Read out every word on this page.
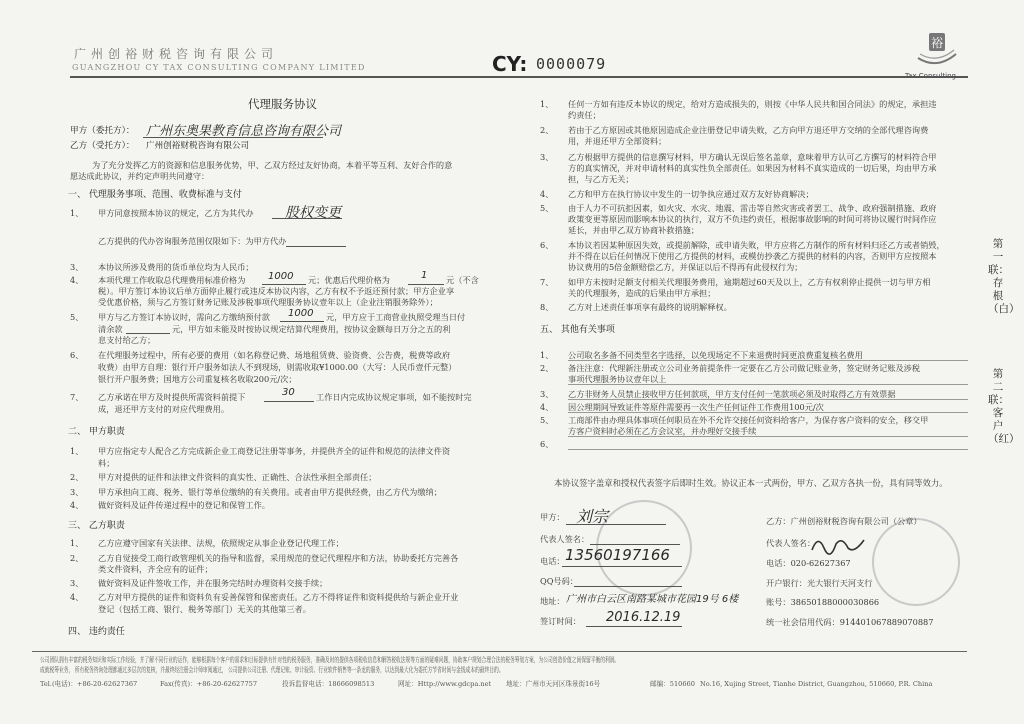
广州创裕财税咨询有限公司
GUANGZHOU CY TAX CONSULTING COMPANY LIMITED	CY: 0000079
裕
代理服务协议
甲方（委托方）： 广州东奥果教育信息咨询有限公司
乙方（受托方）： 广州创裕财税咨询有限公司
为了充分发挥乙方的资源和信息服务优势，甲、乙双方经过友好协商，本着平等互利、友好合作的意
愿达成此协议，并约定声明共同遵守：
一、 代理服务事项、范围、收费标准与支付
1、 甲方同意按照本协议的规定，乙方为其代办 股权变更
乙方提供的代办咨询服务范围仅限如下：为甲方代办
3、 本协议所涉及费用的货币单位均为人民币；
4、 本项代理工作收取总代理费用标准价格为 1000 元；优惠后代理价格为	1 元（不含
税）。甲方签订本协议后单方面停止履行或违反本协议内容，乙方有权不予返还预付款；甲方企业享
受优惠价格，须与乙方签订财务记账及涉税事项代理服务协议壹年以上（企业注销服务除外）；
5、 甲方与乙方签订本协议时，需向乙方缴纳预付款 1000 元，甲方应于工商营业执照受理当日付
清余款	元，甲方如未能及时按协议规定结算代理费用，按协议金额每日万分之五的利
息支付给乙方；
6、 在代理服务过程中，所有必要的费用（如名称登记费、场地租赁费、验资费、公告费，税费等政府
收费）由甲方自理：银行开户服务如法人不到现场，则需收取¥1000.00（大写：人民币壹仟元整）
银行开户服务费；国地方公司重复核名收取200元/次；
7、 乙方承诺在甲方及时提供所需资料前提下	30	工作日内完成协议规定事项，如不能按时完
成，退还甲方支付的对应代理费用。
二、 甲方职责
1、 甲方应指定专人配合乙方完成新企业工商登记注册等事务，并提供齐全的证件和规范的法律文件资
料；
2、 甲方对提供的证件和法律文件资料的真实性、正确性、合法性承担全部责任；
3、 甲方承担向工商、税务、银行等单位缴纳的有关费用。或者由甲方提供经费，由乙方代为缴纳；
4、 做好资料及证件传递过程中的登记和保管工作。
三、 乙方职责
1、 乙方应遵守国家有关法律、法规，依照规定从事企业登记代理工作；
2、 乙方自觉接受工商行政管理机关的指导和监督，采用规范的登记代理程序和方法，协助委托方完善各
类文件资料，齐全应有的证件；
3、 做好资料及证件签收工作，并在服务完结时办理资料交接手续；
4、 乙方对甲方提供的证件和资料负有妥善保管和保密责任。乙方不得将证件和资料提供给与新企业开业
登记（包括工商、银行、税务等部门）无关的其他第三者。
四、 违约责任
1、 任何一方如有违反本协议的规定，给对方造成损失的，则按《中华人民共和国合同法》的规定，承担违
约责任；
2、 若由于乙方原因或其他原因造成企业注册登记申请失败，乙方向甲方退还甲方交纳的全部代理咨询费
用，并退还甲方全部资料；
3、 乙方根据甲方提供的信息撰写材料，甲方确认无误后签名盖章，意味着甲方认可乙方撰写的材料符合甲
方的真实情况，并对申请材料的真实性负全部责任。如果因为材料不真实造成的一切后果，均由甲方承
担，与乙方无关；
4、 乙方和甲方在执行协议中发生的一切争执应通过双方友好协商解决；
5、 由于人力不可抗拒因素，如火灾、水灾、地震、雷击等自然灾害或者罢工、战争、政府强制措施、政府
政策变更等原因而影响本协议的执行，双方不负违约责任，根据事故影响的时间可将协议履行时间作应
延长，并由甲乙双方协商补救措施；
6、 本协议若因某种原因失效，或提前解除，或申请失败，甲方应将乙方制作的所有材料归还乙方或者销毁，
并不得在以后任何情况下使用乙方提供的材料，或模仿抄袭乙方提供的材料的内容，否则甲方应按照本
协议费用的5倍金额赔偿乙方，并保证以后不得再有此侵权行为；
7、 如甲方未按时足额支付相关代理服务费用，逾期超过60天及以上，乙方有权利停止提供一切与甲方相
关的代理服务，造成的后果由甲方承担；
8、 乙方对上述责任事项享有最终的说明解释权。
五、 其他有关事项
1、 公司取名多备不同类型名字选择，以免现场定不下来退费时间更浪费重复核名费用
2、 备注注意：代理新注册或立公司业务前提条件一定要在乙方公司做记账业务，签定财务记账及涉税
事项代理服务协议壹年以上
3、 乙方非财务人员禁止接收甲方任何款项，甲方支付任何一笔款项必须及时取得乙方有效票据
4、 因公理期间导致证件等原件需要再一次生产任何证件工作费用100元/次
5、 工商部件由办理具体事项任何职员在外不允许交接任何资料给客户，为保存客户资料的安全，移交甲
方客户资料时必须在乙方会议室，并办理好交接手续
6、
本协议签字盖章和授权代表签字后即时生效。协议正本一式两份，甲方、乙双方各执一份，具有同等效力。
甲方： 刘宗
代表人签名：
电话： 13560197166
QQ号码：
地址： 广州市白云区南路某城市花园19号 6楼
签订时间： 2016.12.19
乙方：广州创裕财税咨询有限公司（公章）
代表人签名：
电话：020-62627367
开户银行：光大银行天河支行
账号：38650188000030866
统一社会信用代码：914401067889070887
第一联：存根（白）
第二联：客户（红）
公司团队拥有丰富的税务知识和实际工作经验，并了解不同行业的运作，能够根据每个客户的需求和目标提供有针对性的税务服务，准确及时的提供各项税收信息和解答税收法规等方面的疑难问题，协助客户规划合理合法的税务筹划方案，为公司创造价值之间保留平衡的利润。
成就税筹业务， 所有税务咨询处理都通过多层次的复核，并最终经注册会计师审阅通过， 公司提供公司注册、代理记账、审计验资、行业软件销售等一条龙的服务，以达到最大化为委托方节省时间与金钱成本的最终目的。
Tel.(电话)：+86-20-62627367	Fax(传真)：+86-20-62627757	投诉监督电话：18666098513	网址：Http://www.gdcpa.net 地址：广州市天河区珠景街16号	邮编：510660 No.16, Xujing Street, Tianhe District, Guangzhou, 510660, P.R. China
